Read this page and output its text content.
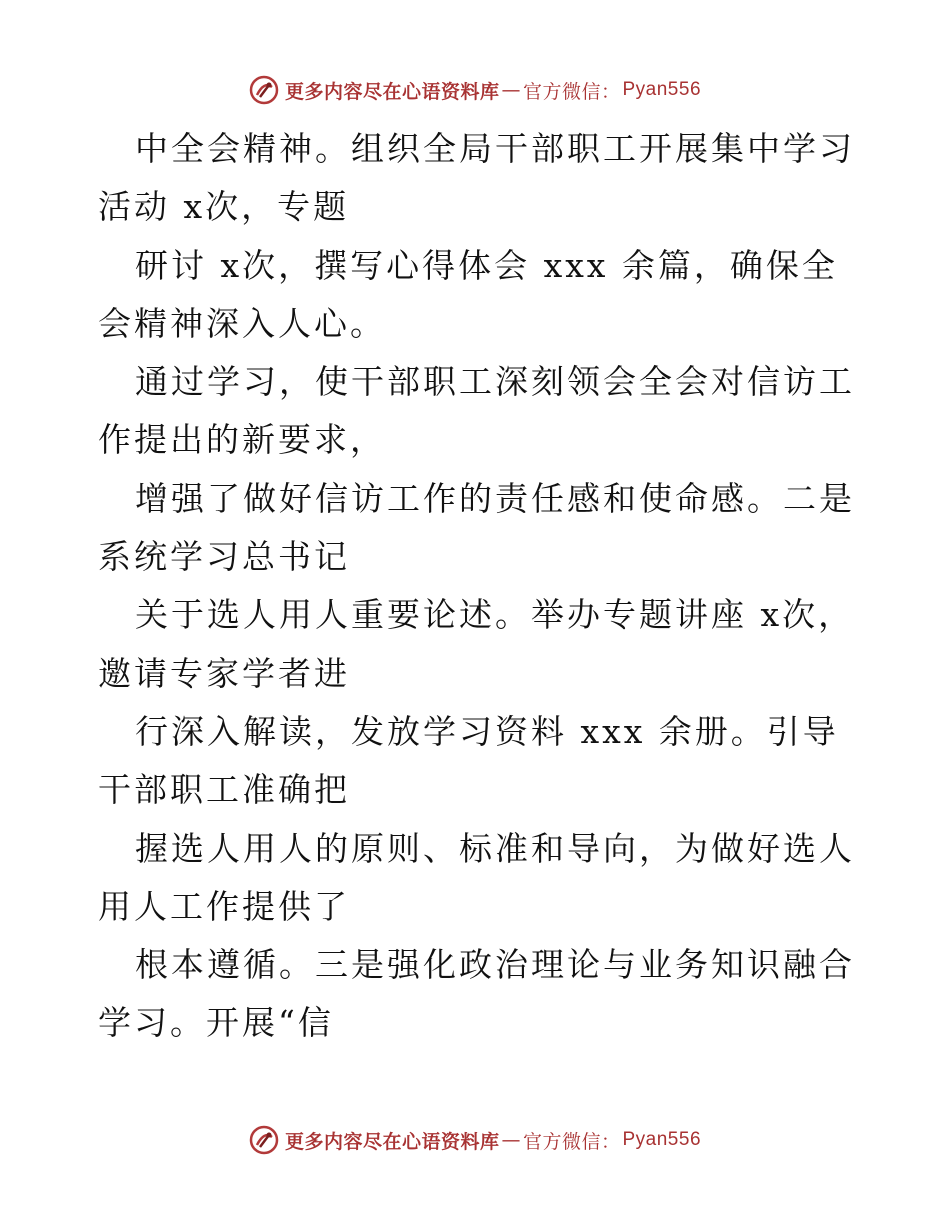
更多内容尽在心语资料库 — 官方微信： Pyan556

中全会精神。组织全局干部职工开展集中学习活动 x次，专题

研讨 x次，撰写心得体会 xxx 余篇，确保全会精神深入人心。

通过学习，使干部职工深刻领会全会对信访工作提出的新要求，

增强了做好信访工作的责任感和使命感。二是系统学习总书记

关于选人用人重要论述。举办专题讲座 x次，邀请专家学者进

行深入解读，发放学习资料 xxx 余册。引导干部职工准确把

握选人用人的原则、标准和导向，为做好选人用人工作提供了

根本遵循。三是强化政治理论与业务知识融合学习。开展“信

更多内容尽在心语资料库 — 官方微信： Pyan556
